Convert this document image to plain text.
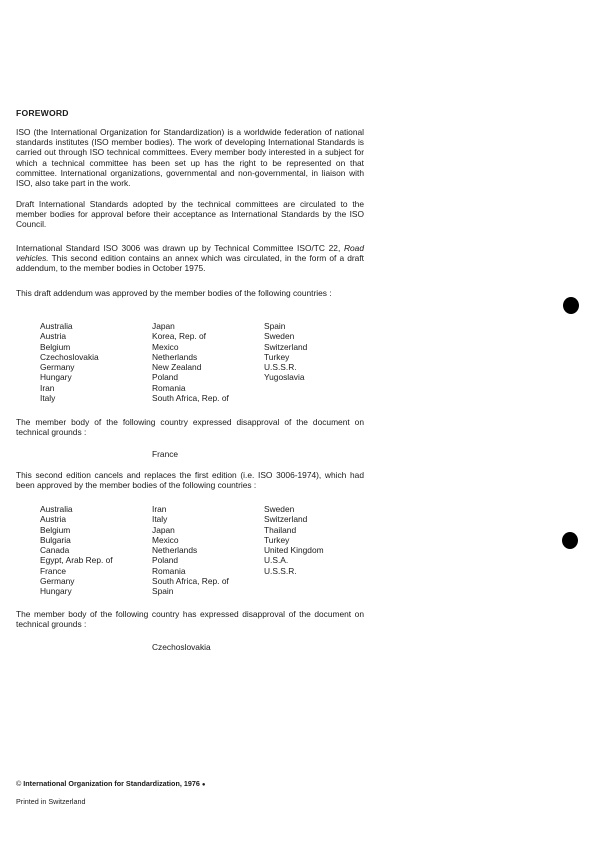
FOREWORD
ISO (the International Organization for Standardization) is a worldwide federation of national standards institutes (ISO member bodies). The work of developing International Standards is carried out through ISO technical committees. Every member body interested in a subject for which a technical committee has been set up has the right to be represented on that committee. International organizations, governmental and non-governmental, in liaison with ISO, also take part in the work.
Draft International Standards adopted by the technical committees are circulated to the member bodies for approval before their acceptance as International Standards by the ISO Council.
International Standard ISO 3006 was drawn up by Technical Committee ISO/TC 22, Road vehicles. This second edition contains an annex which was circulated, in the form of a draft addendum, to the member bodies in October 1975.
This draft addendum was approved by the member bodies of the following countries :
Australia
Austria
Belgium
Czechoslovakia
Germany
Hungary
Iran
Italy
Japan
Korea, Rep. of
Mexico
Netherlands
New Zealand
Poland
Romania
South Africa, Rep. of
Spain
Sweden
Switzerland
Turkey
U.S.S.R.
Yugoslavia
The member body of the following country expressed disapproval of the document on technical grounds :
France
This second edition cancels and replaces the first edition (i.e. ISO 3006-1974), which had been approved by the member bodies of the following countries :
Australia
Austria
Belgium
Bulgaria
Canada
Egypt, Arab Rep. of
France
Germany
Hungary
Iran
Italy
Japan
Mexico
Netherlands
Poland
Romania
South Africa, Rep. of
Spain
Sweden
Switzerland
Thailand
Turkey
United Kingdom
U.S.A.
U.S.S.R.
The member body of the following country has expressed disapproval of the document on technical grounds :
Czechoslovakia
© International Organization for Standardization, 1976 ●
Printed in Switzerland
